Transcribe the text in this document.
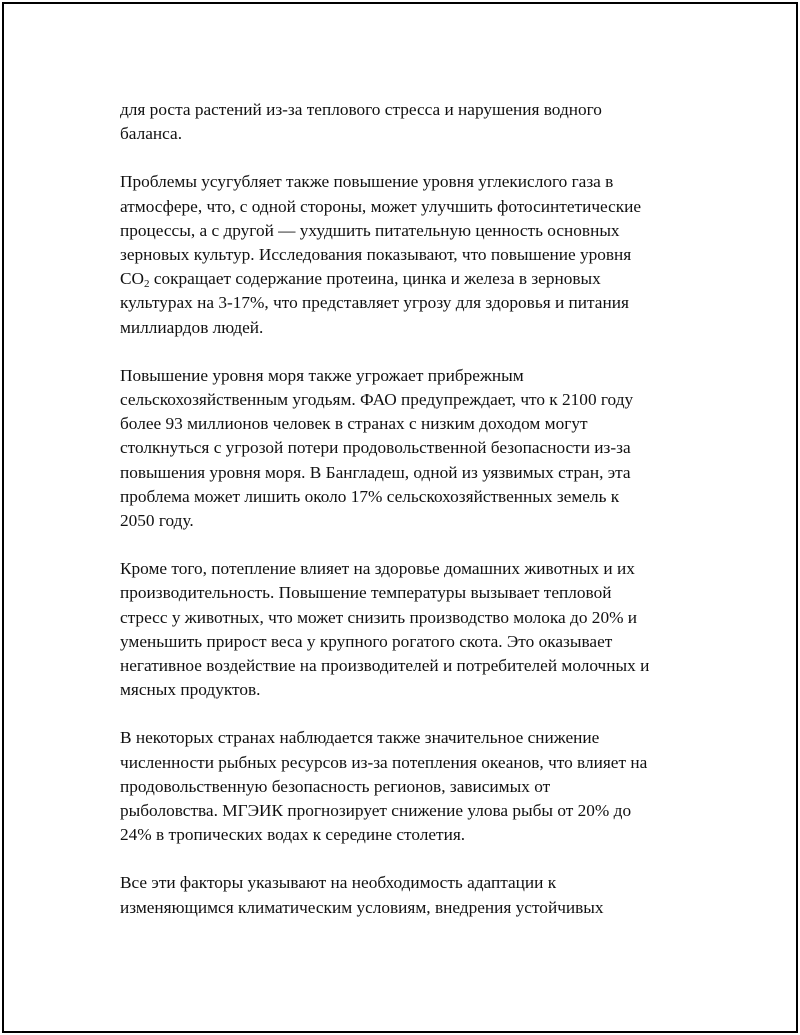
для роста растений из-за теплового стресса и нарушения водного
баланса.

Проблемы усугубляет также повышение уровня углекислого газа в
атмосфере, что, с одной стороны, может улучшить фотосинтетические
процессы, а с другой — ухудшить питательную ценность основных
зерновых культур. Исследования показывают, что повышение уровня
$CO_2$ сокращает содержание протеина, цинка и железа в зерновых
культурах на 3-17%, что представляет угрозу для здоровья и питания
миллиардов людей.

Повышение уровня моря также угрожает прибрежным
сельскохозяйственным угодьям. ФАО предупреждает, что к 2100 году
более 93 миллионов человек в странах с низким доходом могут
столкнуться с угрозой потери продовольственной безопасности из-за
повышения уровня моря. В Бангладеш, одной из уязвимых стран, эта
проблема может лишить около 17% сельскохозяйственных земель к
2050 году.

Кроме того, потепление влияет на здоровье домашних животных и их
производительность. Повышение температуры вызывает тепловой
стресс у животных, что может снизить производство молока до 20% и
уменьшить прирост веса у крупного рогатого скота. Это оказывает
негативное воздействие на производителей и потребителей молочных и
мясных продуктов.

В некоторых странах наблюдается также значительное снижение
численности рыбных ресурсов из-за потепления океанов, что влияет на
продовольственную безопасность регионов, зависимых от
рыболовства. МГЭИК прогнозирует снижение улова рыбы от 20% до
24% в тропических водах к середине столетия.

Все эти факторы указывают на необходимость адаптации к
изменяющимся климатическим условиям, внедрения устойчивых
